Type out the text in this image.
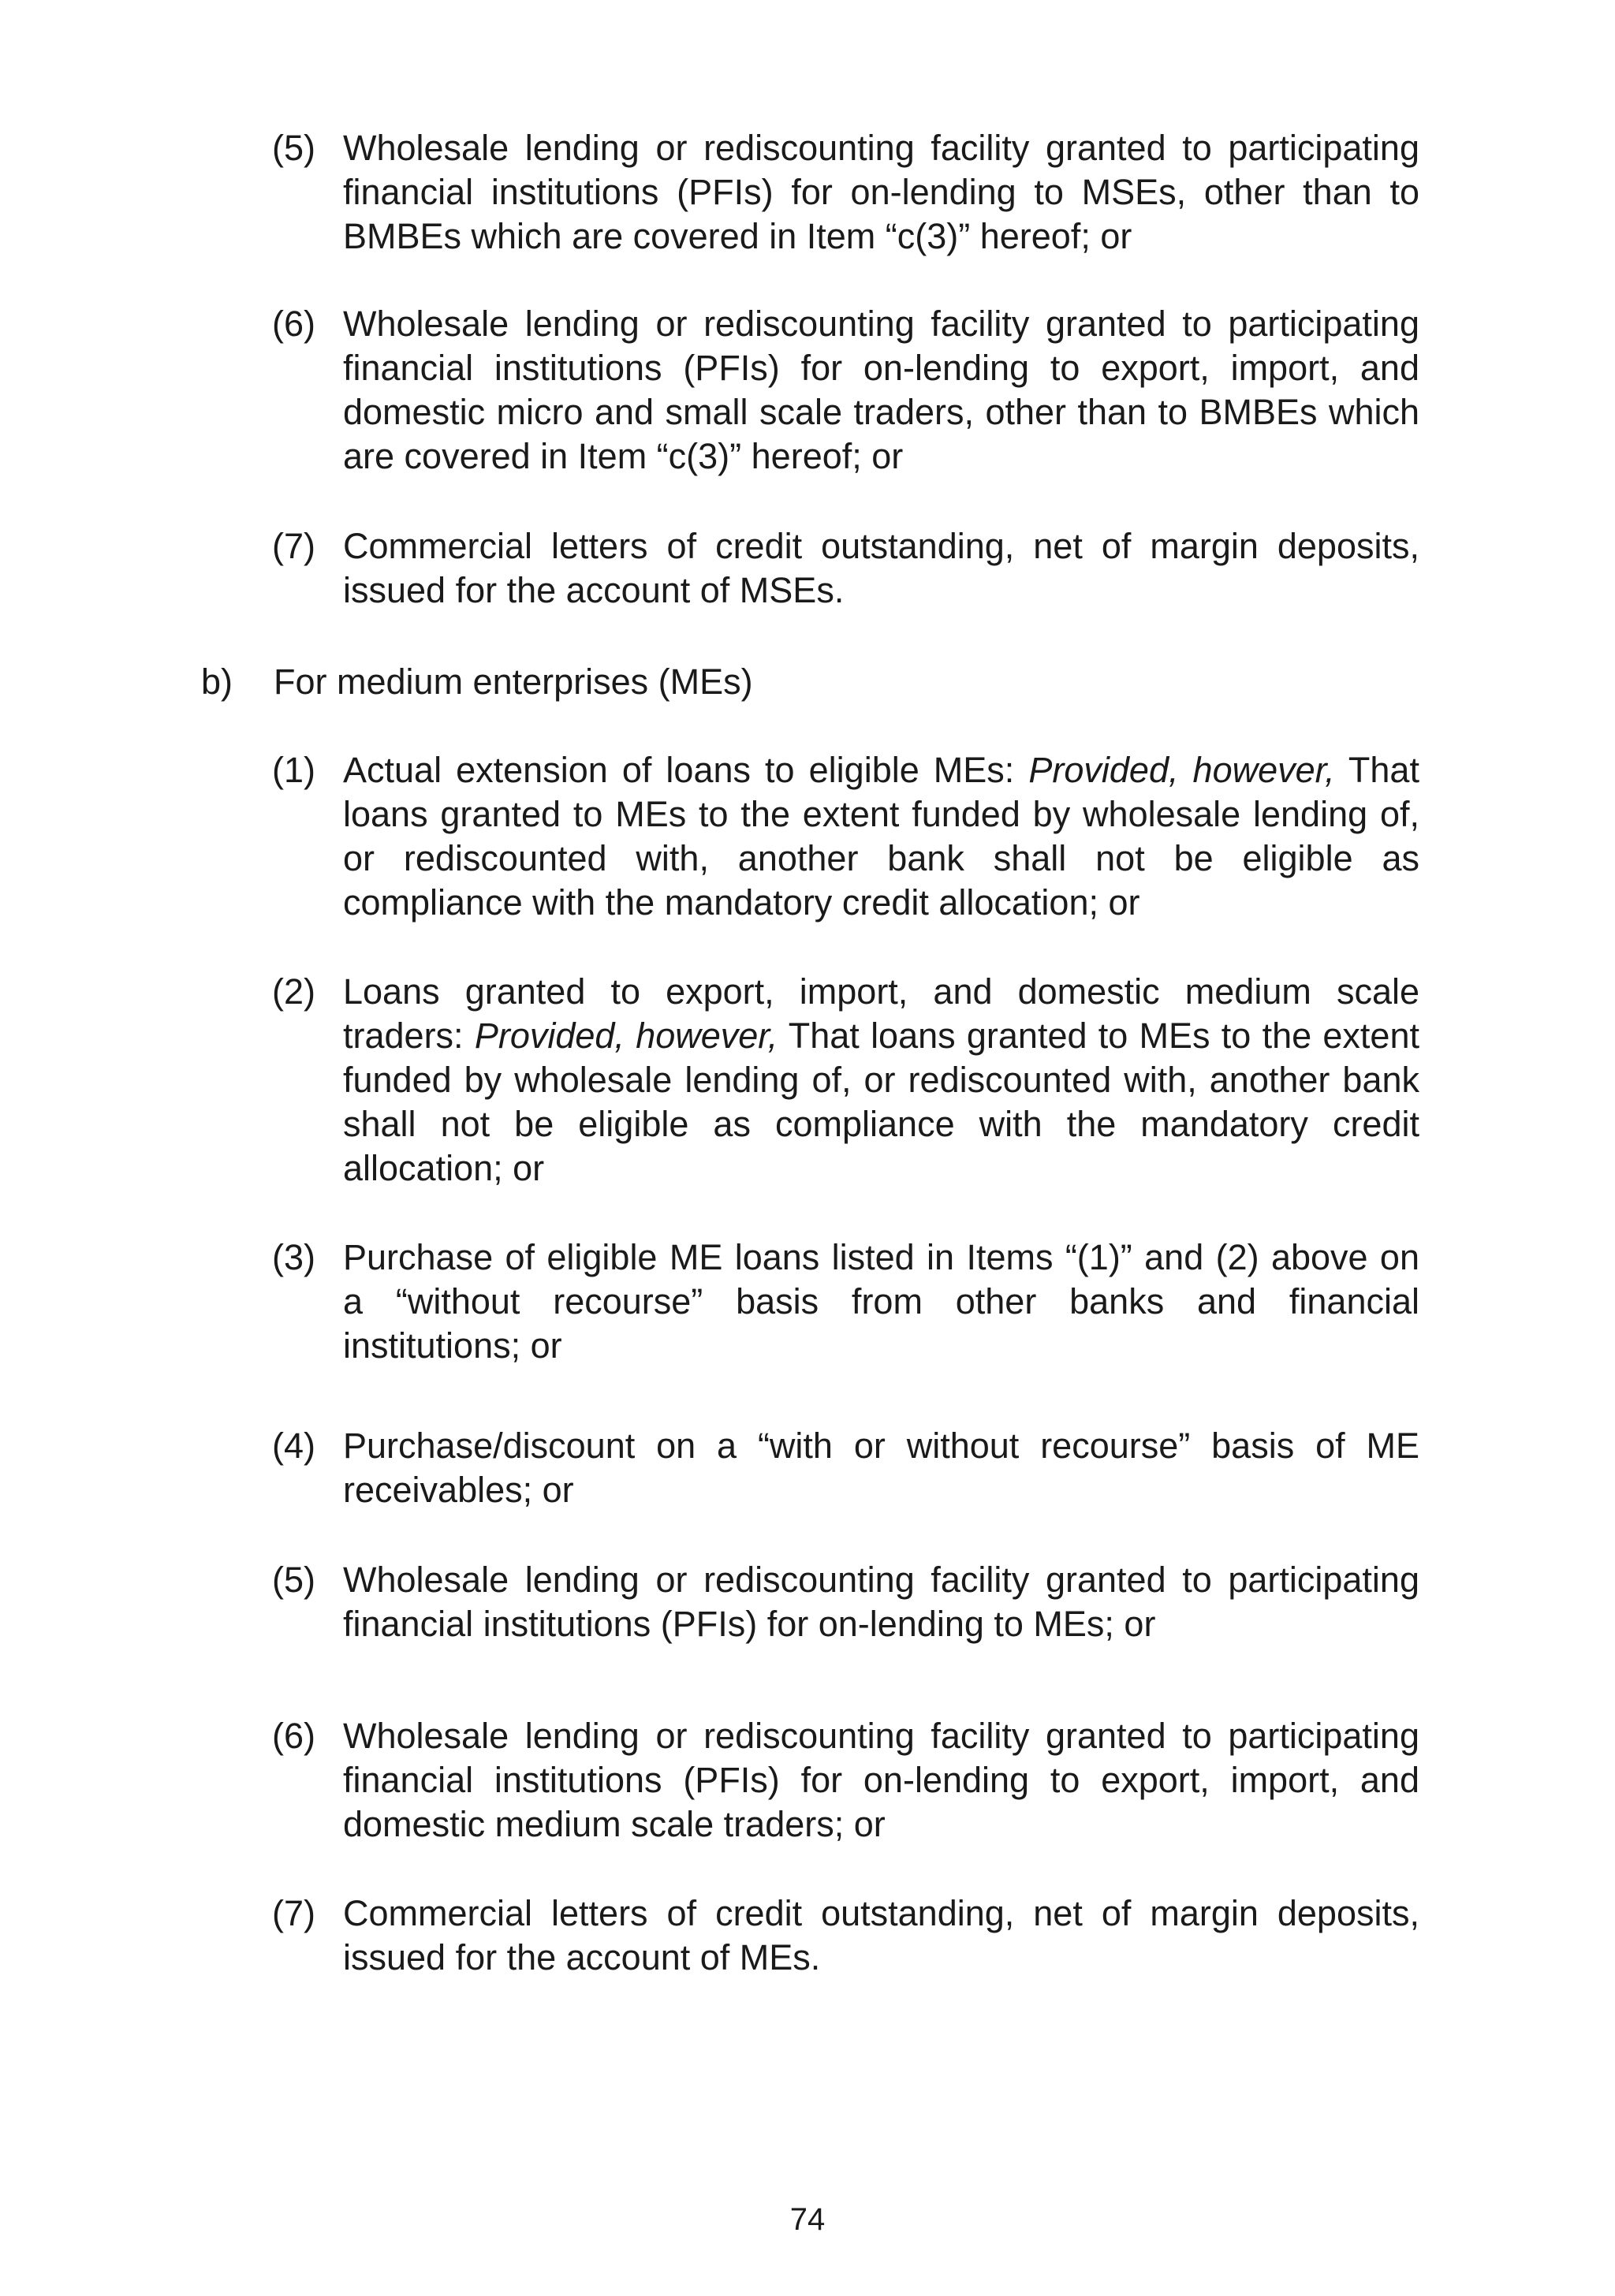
(5) Wholesale lending or rediscounting facility granted to participating financial institutions (PFIs) for on-lending to MSEs, other than to BMBEs which are covered in Item “c(3)” hereof; or
(6) Wholesale lending or rediscounting facility granted to participating financial institutions (PFIs) for on-lending to export, import, and domestic micro and small scale traders, other than to BMBEs which are covered in Item “c(3)” hereof; or
(7) Commercial letters of credit outstanding, net of margin deposits, issued for the account of MSEs.
b) For medium enterprises (MEs)
(1) Actual extension of loans to eligible MEs: Provided, however, That loans granted to MEs to the extent funded by wholesale lending of, or rediscounted with, another bank shall not be eligible as compliance with the mandatory credit allocation; or
(2) Loans granted to export, import, and domestic medium scale traders: Provided, however, That loans granted to MEs to the extent funded by wholesale lending of, or rediscounted with, another bank shall not be eligible as compliance with the mandatory credit allocation; or
(3) Purchase of eligible ME loans listed in Items “(1)” and (2) above on a “without recourse” basis from other banks and financial institutions; or
(4) Purchase/discount on a “with or without recourse” basis of ME receivables; or
(5) Wholesale lending or rediscounting facility granted to participating financial institutions (PFIs) for on-lending to MEs; or
(6) Wholesale lending or rediscounting facility granted to participating financial institutions (PFIs) for on-lending to export, import, and domestic medium scale traders; or
(7) Commercial letters of credit outstanding, net of margin deposits, issued for the account of MEs.
74
